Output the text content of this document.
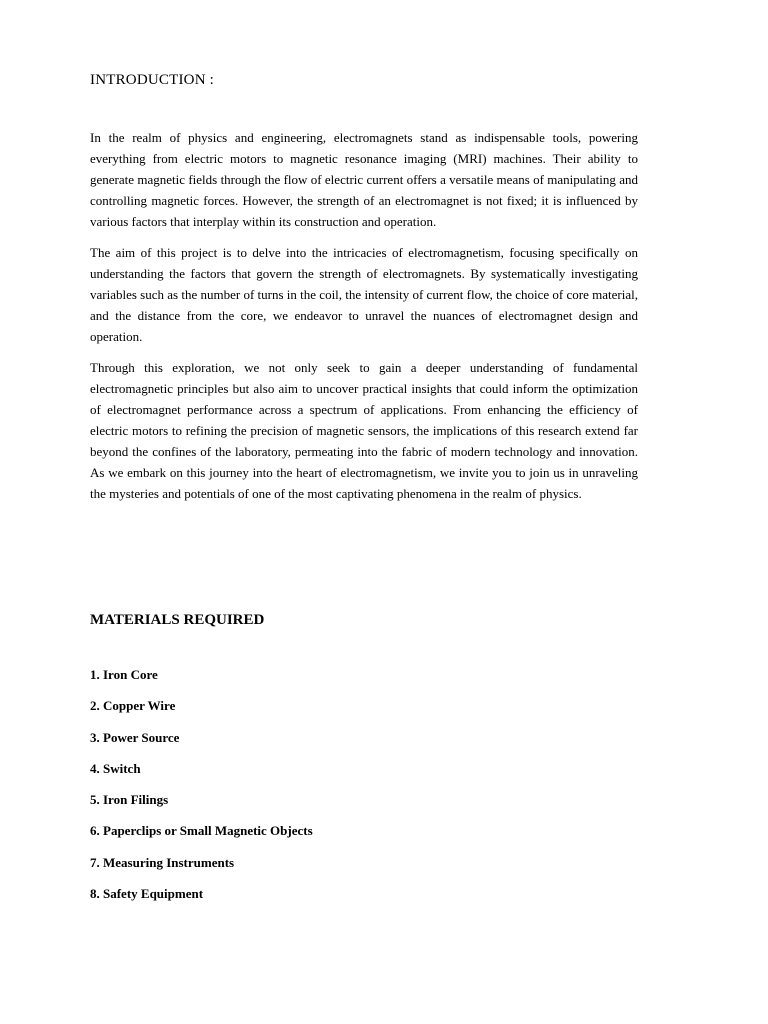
INTRODUCTION :

In the realm of physics and engineering, electromagnets stand as indispensable tools, powering everything from electric motors to magnetic resonance imaging (MRI) machines. Their ability to generate magnetic fields through the flow of electric current offers a versatile means of manipulating and controlling magnetic forces. However, the strength of an electromagnet is not fixed; it is influenced by various factors that interplay within its construction and operation.

The aim of this project is to delve into the intricacies of electromagnetism, focusing specifically on understanding the factors that govern the strength of electromagnets. By systematically investigating variables such as the number of turns in the coil, the intensity of current flow, the choice of core material, and the distance from the core, we endeavor to unravel the nuances of electromagnet design and operation.

Through this exploration, we not only seek to gain a deeper understanding of fundamental electromagnetic principles but also aim to uncover practical insights that could inform the optimization of electromagnet performance across a spectrum of applications. From enhancing the efficiency of electric motors to refining the precision of magnetic sensors, the implications of this research extend far beyond the confines of the laboratory, permeating into the fabric of modern technology and innovation. As we embark on this journey into the heart of electromagnetism, we invite you to join us in unraveling the mysteries and potentials of one of the most captivating phenomena in the realm of physics.

MATERIALS REQUIRED
1. Iron Core
2. Copper Wire
3. Power Source
4. Switch
5. Iron Filings
6. Paperclips or Small Magnetic Objects
7. Measuring Instruments
8. Safety Equipment
